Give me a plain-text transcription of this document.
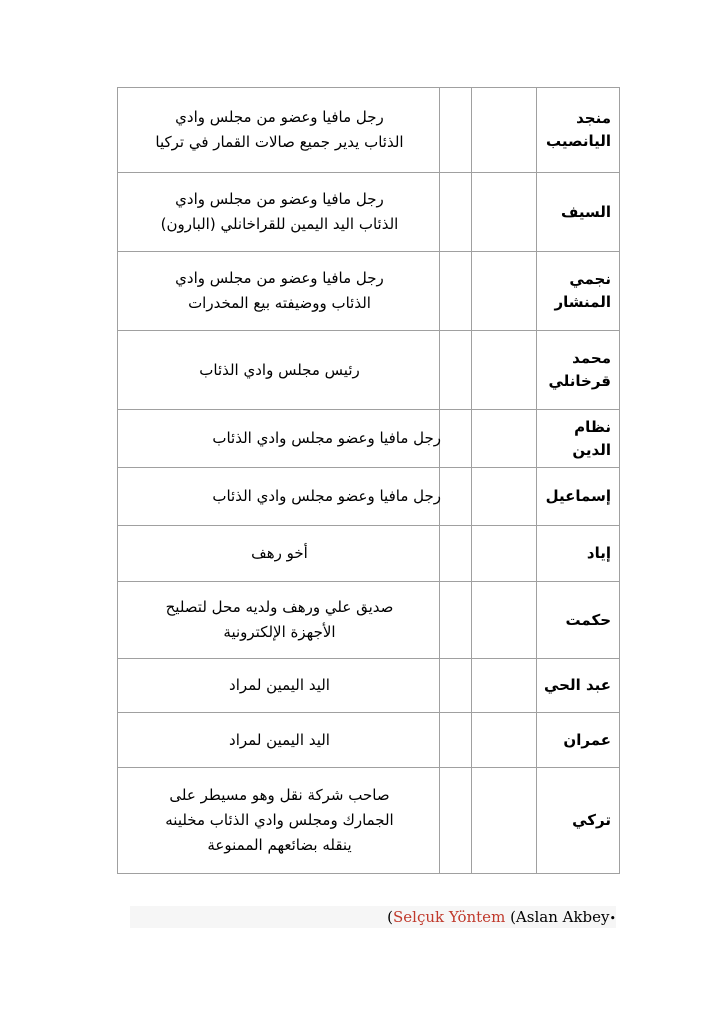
رجل مافيا وعضو من مجلس وادي
الذئاب يدير جميع صالات القمار في تركيا			منجد اليانصيب

رجل مافيا وعضو من مجلس وادي
الذئاب اليد اليمين للقراخانلي (البارون)			السيف

رجل مافيا وعضو من مجلس وادي
الذئاب ووضيفته بيع المخدرات			نجمي المنشار

رئيس مجلس وادي الذئاب			محمد قرخانلي

رجل مافيا وعضو مجلس وادي الذئاب			نظام الدين

رجل مافيا وعضو مجلس وادي الذئاب			إسماعيل

أخو رهف			إياد

صديق علي ورهف ولديه محل لتصليح
الأجهزة الإلكترونية			حكمت

اليد اليمين لمراد			عبد الحي

اليد اليمين لمراد			عمران

صاحب شركة نقل وهو مسيطر على
الجمارك ومجلس وادي الذئاب مخلينه
ينقله بضائعهم الممنوعة			تركي
(Selçuk Yöntem (Aslan Akbey•
